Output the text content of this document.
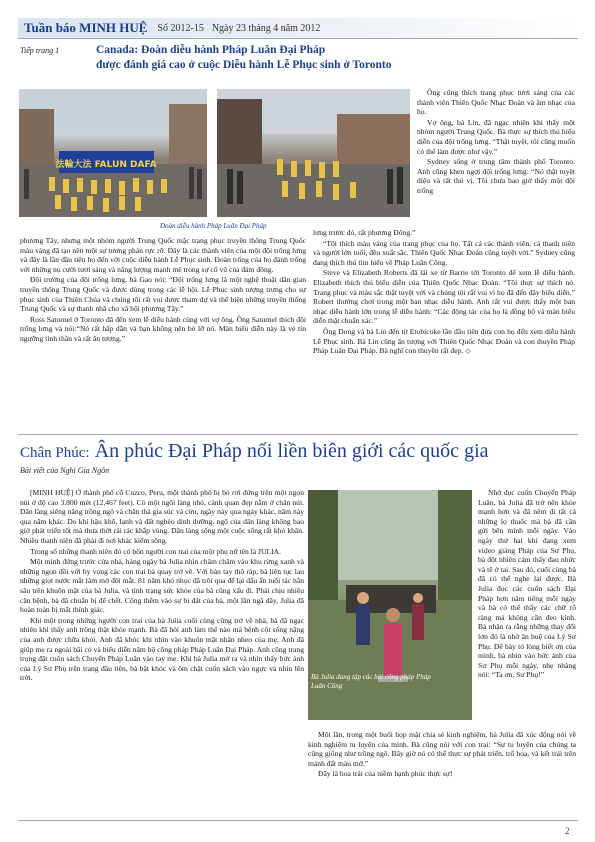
Tuần báo MINH HUỆ Số 2012-15 Ngày 23 tháng 4 năm 2012
Tiếp trang 1	Canada: Đoàn diễu hành Pháp Luân Đại Pháp
được đánh giá cao ở cuộc Diễu hành Lễ Phục sinh ở Toronto
法輪大法 FALUN DAFA
Đoàn diễu hành Pháp Luân Đại Pháp

Ông cũng thích trang phục tươi sáng của các thành viên Thiên Quốc Nhạc Đoàn và âm nhạc của họ.

Vợ ông, bà Lin, đã ngạc nhiên khi thấy một nhóm người Trung Quốc. Bà thực sự thích thú biểu diễn của đội trống lưng. “Thật tuyệt, tôi cũng muốn có thể làm được như vậy.”

Sydney sống ở trung tâm thành phố Toronto. Anh cũng khen ngợi đội trống lưng: “Nó thật tuyệt diệu và rất thú vị. Tôi chưa bao giờ thấy một đội trống

phương Tây, nhưng một nhóm người Trung Quốc mặc trang phục truyền thống Trung Quốc màu vàng đã tạo nên một sự tương phản rực rỡ. Đây là các thành viên của một đội trống lưng và đây là lần đầu tiên họ đến với cuộc diễu hành Lễ Phục sinh. Đoàn trống của họ đánh trống với những nụ cười tươi sáng và năng lượng mạnh mẽ trong sự cổ vũ của đám đông.

Đội trưởng của đội trống lưng, bà Gao nói: “Đội trống lưng là một nghệ thuật dân gian truyền thống Trung Quốc và được dùng trong các lễ hội. Lễ Phục sinh tượng trưng cho sự phục sinh của Thiên Chúa và chúng tôi rất vui được tham dự và thể hiện những truyền thống Trung Quốc và sự thanh nhã cho xã hội phương Tây.”

Ross Saturnel ở Toronto đã đến xem lễ diễu hành cùng với vợ ông. Ông Saturnel thích đội trống lưng và nói:“Nó rất hấp dẫn và bạn không nên bỏ lỡ nó. Màn biểu diễn này là vẻ tín ngưỡng tinh thần và rất ấn tượng.”

lưng trước đó, rất phương Đông.”

“Tôi thích màu vàng của trang phục của họ. Tất cả các thành viên, cả thanh niên và người lớn tuổi, đều xuất sắc. Thiên Quốc Nhạc Đoàn cũng tuyệt vời.” Sydney cũng đang thích thú tìm hiểu về Pháp Luân Công.

Steve và Elizabeth Roberts đã lái xe từ Barrie tới Toronto để xem lễ diễu hành. Elizabeth thích thú biểu diễn của Thiên Quốc Nhạc Đoàn. “Tôi thực sự thích nó. Trang phục và màu sắc thật tuyệt vời và chúng tôi rất vui vì họ đã đến đây biểu diễn.” Robert thường chơi trong một ban nhạc diễu hành. Anh rất vui được thấy một ban nhạc diễu hành lớn trong lễ diễu hành: “Các động tác của họ là đồng bộ và màn biểu diễn thật chuẩn xác.”

Ông Dong và bà Lin đến từ Etobicoke lần đầu tiên đưa con họ đến xem diễu hành Lễ Phục sinh. Bà Lin cũng ấn tượng với Thiên Quốc Nhạc Đoàn và con thuyền Pháp Pháp Luân Đại Pháp. Bà nghĩ con thuyền rất đẹp. ◇

Chân Phúc: Ân phúc Đại Pháp nối liền biên giới các quốc gia
Bài viết của Nghi Gia Ngôn

[MINH HUỆ] Ở thành phố cổ Cuzco, Peru, một thành phố bị bỏ rơi đứng trên một ngọn núi ở độ cao 3.800 mét (12,467 feet). Có một ngôi làng nhỏ, cảnh quan đẹp nằm ở chân núi. Dân làng siêng năng trồng ngô và chăn thả gia súc và cừu, ngày này qua ngày khác, năm này qua năm khác. Do khí hậu khô, lạnh và đất nghèo dinh dưỡng, ngô của dân làng không bao giờ phát triển tốt mà thưa thớt rải rác khắp vùng. Dân làng sống một cuộc sống rất khó khăn. Nhiều thanh niên đã phải đi nơi khác kiếm sống.

Trong số những thanh niên đó có bốn người con trai của một phụ nữ tên là JULIA.

Một mình đứng trước cửa nhà, hàng ngày bà Julia nhìn chăm chăm vào khu rừng xanh và những ngọn đồi với hy vọng các con trai bà quay trở về. Với bàn tay thô ráp, bà liên tục lau những giọt nước mắt làm mờ đôi mắt. 81 năm khó nhọc đã trôi qua để lại dấu ấn tuổi tác hằn sâu trên khuôn mặt của bà Julia, và tình trạng sức khỏe của bà cũng xấu đi. Phải chịu nhiều căn bệnh, bà đã chuẩn bị để chết. Cộng thêm vào sự bi đát của bà, một lần ngã dây, Julia đã hoàn toàn bị mất thính giác.

Khi một trong những người con trai của bà Julia cuối cùng cũng trở về nhà, bà đã ngạc nhiên khi thấy anh trông thật khỏe mạnh. Bà đã hỏi anh làm thế nào mà bệnh cột sống nặng của anh được chữa khỏi. Anh đã khóc khi nhìn vào khuôn mặt nhăn nheo của mẹ. Anh đã giúp mẹ ra ngoài bãi cỏ và biểu diễn năm bộ công pháp Pháp Luân Đại Pháp. Anh cũng trang trọng đặt cuốn sách Chuyển Pháp Luân vào tay mẹ. Khi bà Julia mở ra và nhìn thấy bức ảnh của Lý Sư Phụ trên trang đầu tiên, bà bật khóc và ôm chặt cuốn sách vào ngực và nhìn lên trời.	Bà Julia đang tập các bài công pháp Pháp Luân Công

Nhờ đọc cuốn Chuyển Pháp Luân, bà Julia đã trở nên khỏe mạnh hơn và đã nêm đi tất cả những lọ thuốc mà bà đã cần gửi bên mình mỗi ngày. Vào ngày thứ hai khi đang xem video giảng Pháp của Sư Phụ, bà đột nhiên cảm thấy đau nhức và tê ở tai. Sau đó, cuối cùng bà đã có thể nghe lại được. Bà Julia đọc các cuốn sách Đại Pháp hơn năm tiếng mỗi ngày và bà có thể thấy các chữ rõ ràng mà không cần đeo kính. Bà nhận ra rằng những thay đổi lớn đó là nhờ ân huệ của Lý Sư Phụ. Để bày tỏ lòng biết ơn của mình, bà nhìn vào bức ảnh của Sư Phụ mỗi ngày, nhẹ nhàng nói: “Ta ơn, Sư Phụ!”

Một lần, trong một buổi họp mặt chia sẻ kinh nghiệm, bà Julia đã xúc động nói về kinh nghiệm tu luyện của mình. Bà cũng nói với con trai: “Sự tu luyện của chúng ta cũng giống như trồng ngô. Bây giờ nó có thể thực sự phát triển, trổ hoa, và kết trái trên mảnh đất màu mỡ.”

Đây là hoa trái của niềm hạnh phúc thực sự!

2
